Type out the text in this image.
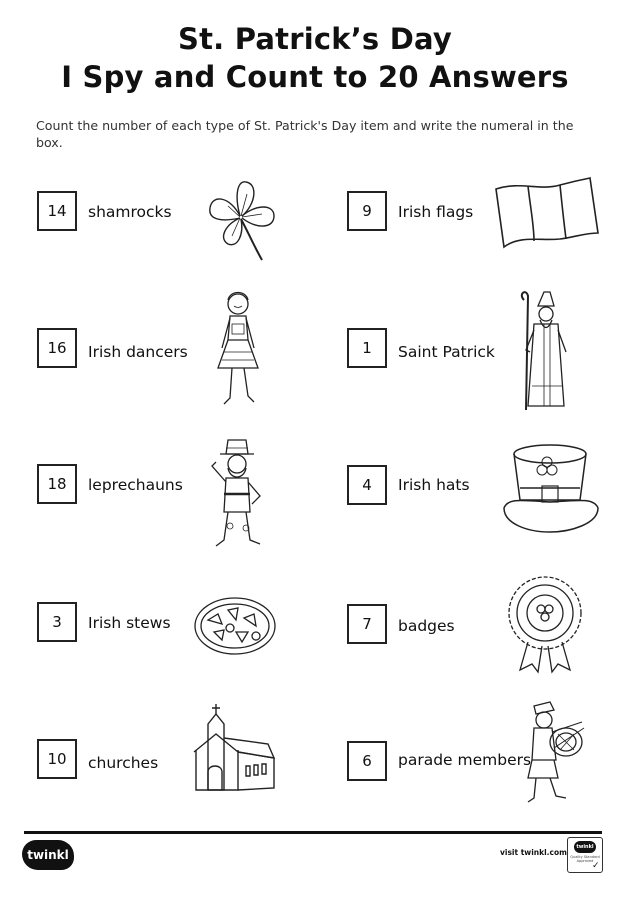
St. Patrick’s Day
I Spy and Count to 20 Answers
Count the number of each type of St. Patrick's Day item and write the numeral in the box.
14	shamrocks	9	Irish flags
16	Irish dancers	1	Saint Patrick
18	leprechauns	4	Irish hats
3	Irish stews	7	badges
10	churches	6	parade members
twinkl	visit twinkl.com
twinkl
Quality Standard Approved
✓
